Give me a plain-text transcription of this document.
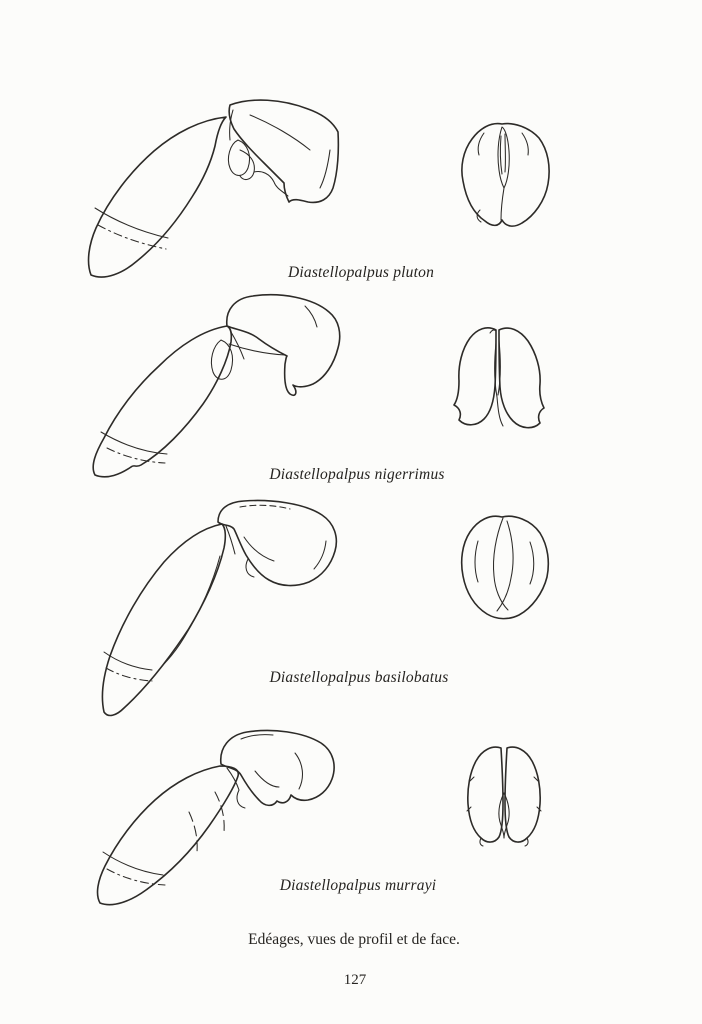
Diastellopalpus pluton
Diastellopalpus nigerrimus
Diastellopalpus basilobatus
Diastellopalpus murrayi
Edéages, vues de profil et de face.
127
